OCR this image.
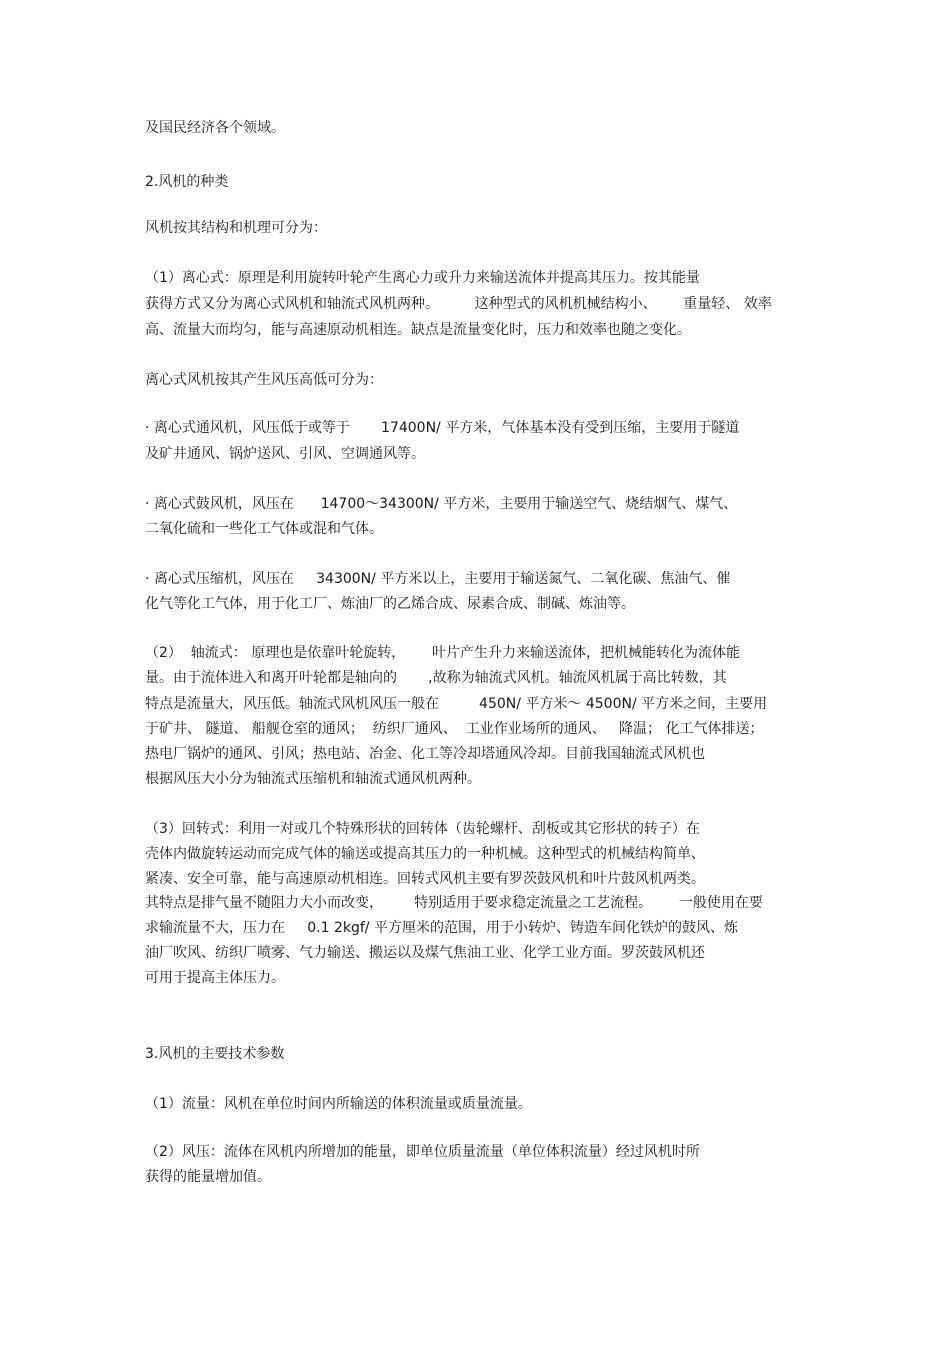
及国民经济各个领域。
2.风机的种类
风机按其结构和机理可分为：
（1）离心式：原理是利用旋转叶轮产生离心力或升力来输送流体并提高其压力。按其能量
获得方式又分为离心式风机和轴流式风机两种。        这种型式的风机机械结构小、      重量轻、 效率
高、流量大而均匀，能与高速原动机相连。缺点是流量变化时，压力和效率也随之变化。
离心式风机按其产生风压高低可分为：
· 离心式通风机，风压低于或等于       17400N/ 平方米，气体基本没有受到压缩，主要用于隧道
及矿井通风、锅炉送风、引风、空调通风等。
· 离心式鼓风机，风压在      14700～34300N/ 平方米，主要用于输送空气、烧结烟气、煤气、
二氧化硫和一些化工气体或混和气体。
· 离心式压缩机，风压在     34300N/ 平方米以上，主要用于输送氮气、二氧化碳、焦油气、催
化气等化工气体，用于化工厂、炼油厂的乙烯合成、尿素合成、制碱、炼油等。
（2）  轴流式： 原理也是依靠叶轮旋转，      叶片产生升力来输送流体，把机械能转化为流体能
量。由于流体进入和离开叶轮都是轴向的       ,故称为轴流式风机。轴流风机属于高比转数，其
特点是流量大，风压低。轴流式风机风压一般在         450N/ 平方米～ 4500N/ 平方米之间，主要用
于矿井、 隧道、 船舰仓室的通风；  纺织厂通风、  工业作业场所的通风、   降温； 化工气体排送；
热电厂锅炉的通风、引风；热电站、冶金、化工等冷却塔通风冷却。目前我国轴流式风机也
根据风压大小分为轴流式压缩机和轴流式通风机两种。
（3）回转式：利用一对或几个特殊形状的回转体（齿轮螺杆、刮板或其它形状的转子）在
壳体内做旋转运动而完成气体的输送或提高其压力的一种机械。这种型式的机械结构简单、
紧凑、安全可靠，能与高速原动机相连。回转式风机主要有罗茨鼓风机和叶片鼓风机两类。
其特点是排气量不随阻力大小而改变，       特别适用于要求稳定流量之工艺流程。      一般使用在要
求输流量不大，压力在     0.1 2kgf/ 平方厘米的范围，用于小转炉、铸造车间化铁炉的鼓风、炼
油厂吹风、纺织厂喷雾、气力输送、搬运以及煤气焦油工业、化学工业方面。罗茨鼓风机还
可用于提高主体压力。
3.风机的主要技术参数
（1）流量：风机在单位时间内所输送的体积流量或质量流量。
（2）风压：流体在风机内所增加的能量，即单位质量流量（单位体积流量）经过风机时所
获得的能量增加值。
